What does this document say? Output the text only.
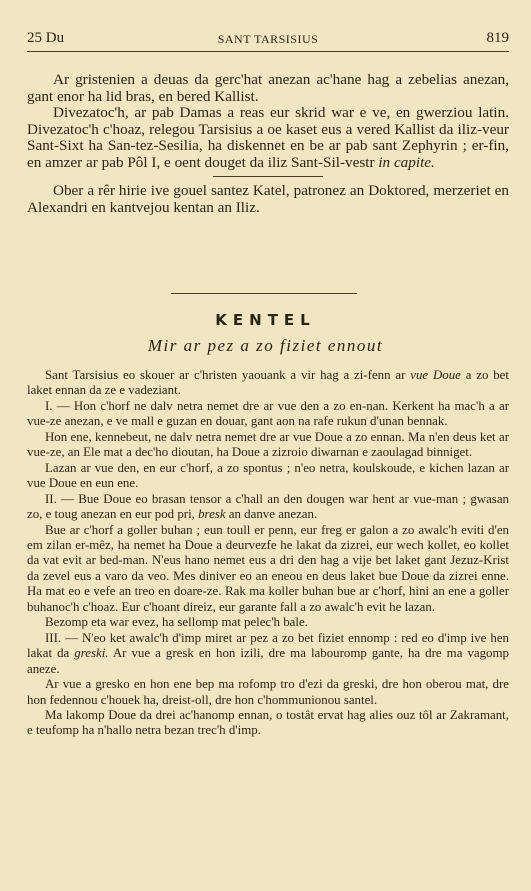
25 Du	SANT TARSISIUS	819

Ar gristenien a deuas da gerc'hat anezan ac'hane hag a zebelias anezan, gant enor ha lid bras, en bered Kallist.

Divezatoc'h, ar pab Damas a reas eur skrid war e ve, en gwerziou latin. Divezatoc'h c'hoaz, relegou Tarsisius a oe kaset eus a vered Kallist da iliz-veur Sant-Sixt ha San-tez-Sesilia, ha diskennet en be ar pab sant Zephyrin ; er-fin, en amzer ar pab Pôl I, e oent douget da iliz Sant-Sil-vestr in capite.

Ober a rêr hirie ive gouel santez Katel, patronez an Doktored, merzeriet en Alexandri en kantvejou kentan an Iliz.

KENTEL
Mir ar pez a zo fiziet ennout

Sant Tarsisius eo skouer ar c'hristen yaouank a vir hag a zi-fenn ar vue Doue a zo bet laket ennan da ze e vadeziant.

I. — Hon c'horf ne dalv netra nemet dre ar vue den a zo en-nan. Kerkent ha mac'h a ar vue-ze anezan, e ve mall e guzan en douar, gant aon na rafe rukun d'unan bennak.

Hon ene, kennebeut, ne dalv netra nemet dre ar vue Doue a zo ennan. Ma n'en deus ket ar vue-ze, an Ele mat a dec'ho dioutan, ha Doue a zizroio diwarnan e zaoulagad binniget.

Lazan ar vue den, en eur c'horf, a zo spontus ; n'eo netra, koulskoude, e kichen lazan ar vue Doue en eun ene.

II. — Bue Doue eo brasan tensor a c'hall an den dougen war hent ar vue-man ; gwasan zo, e toug anezan en eur pod pri, bresk an danve anezan.

Bue ar c'horf a goller buhan ; eun toull er penn, eur freg er galon a zo awalc'h eviti d'en em zilan er-mêz, ha nemet ha Doue a deurvezfe he lakat da zizrei, eur wech kollet, eo kollet da vat evit ar bed-man. N'eus hano nemet eus a dri den hag a vije bet laket gant Jezuz-Krist da zevel eus a varo da veo. Mes diniver eo an eneou en deus laket bue Doue da zizrei enne. Ha mat eo e vefe an treo en doare-ze. Rak ma koller buhan bue ar c'horf, hini an ene a goller buhanoc'h c'hoaz. Eur c'hoant direiz, eur garante fall a zo awalc'h evit he lazan.

Bezomp eta war evez, ha sellomp mat pelec'h bale.

III. — N'eo ket awalc'h d'imp miret ar pez a zo bet fiziet ennomp : red eo d'imp ive hen lakat da greski. Ar vue a gresk en hon izili, dre ma labouromp gante, ha dre ma vagomp aneze.

Ar vue a gresko en hon ene bep ma rofomp tro d'ezi da greski, dre hon oberou mat, dre hon fedennou c'houek ha, dreist-oll, dre hon c'hommunionou santel.

Ma lakomp Doue da drei ac'hanomp ennan, o tostât ervat hag alies ouz tôl ar Zakramant, e teufomp ha n'hallo netra bezan trec'h d'imp.
